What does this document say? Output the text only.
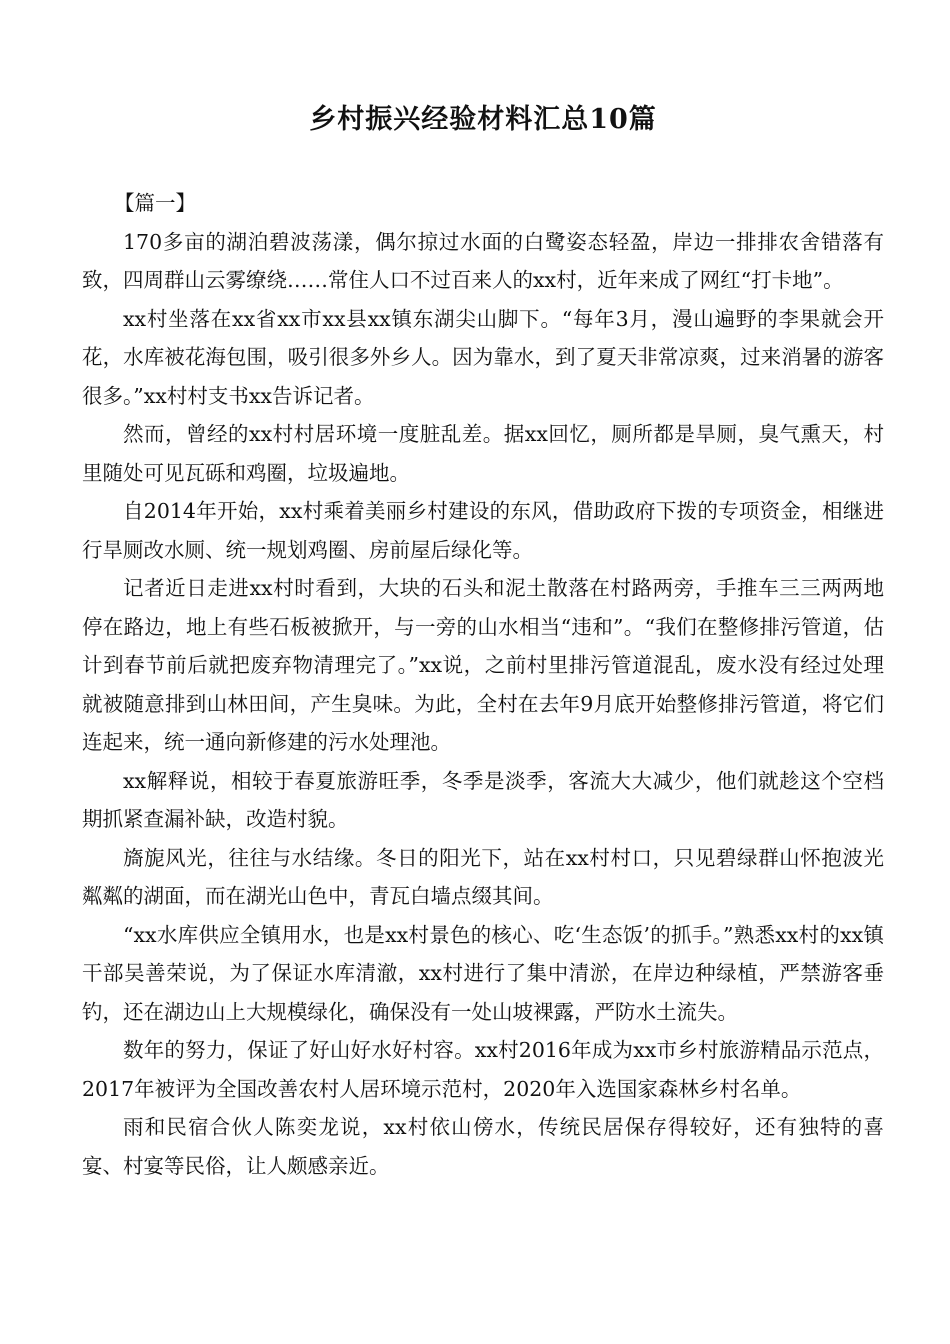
乡村振兴经验材料汇总10篇

【篇一】

170多亩的湖泊碧波荡漾，偶尔掠过水面的白鹭姿态轻盈，岸边一排排农舍错落有致，四周群山云雾缭绕……常住人口不过百来人的xx村，近年来成了网红“打卡地”。

xx村坐落在xx省xx市xx县xx镇东湖尖山脚下。“每年3月，漫山遍野的李果就会开花，水库被花海包围，吸引很多外乡人。因为靠水，到了夏天非常凉爽，过来消暑的游客很多。”xx村村支书xx告诉记者。

然而，曾经的xx村村居环境一度脏乱差。据xx回忆，厕所都是旱厕，臭气熏天，村里随处可见瓦砾和鸡圈，垃圾遍地。

自2014年开始，xx村乘着美丽乡村建设的东风，借助政府下拨的专项资金，相继进行旱厕改水厕、统一规划鸡圈、房前屋后绿化等。

记者近日走进xx村时看到，大块的石头和泥土散落在村路两旁，手推车三三两两地停在路边，地上有些石板被掀开，与一旁的山水相当“违和”。“我们在整修排污管道，估计到春节前后就把废弃物清理完了。”xx说，之前村里排污管道混乱，废水没有经过处理就被随意排到山林田间，产生臭味。为此，全村在去年9月底开始整修排污管道，将它们连起来，统一通向新修建的污水处理池。

xx解释说，相较于春夏旅游旺季，冬季是淡季，客流大大减少，他们就趁这个空档期抓紧查漏补缺，改造村貌。

旖旎风光，往往与水结缘。冬日的阳光下，站在xx村村口，只见碧绿群山怀抱波光粼粼的湖面，而在湖光山色中，青瓦白墙点缀其间。

“xx水库供应全镇用水，也是xx村景色的核心、吃‘生态饭’的抓手。”熟悉xx村的xx镇干部吴善荣说，为了保证水库清澈，xx村进行了集中清淤，在岸边种绿植，严禁游客垂钓，还在湖边山上大规模绿化，确保没有一处山坡裸露，严防水土流失。

数年的努力，保证了好山好水好村容。xx村2016年成为xx市乡村旅游精品示范点，2017年被评为全国改善农村人居环境示范村，2020年入选国家森林乡村名单。

雨和民宿合伙人陈奕龙说，xx村依山傍水，传统民居保存得较好，还有独特的喜宴、村宴等民俗，让人颇感亲近。
